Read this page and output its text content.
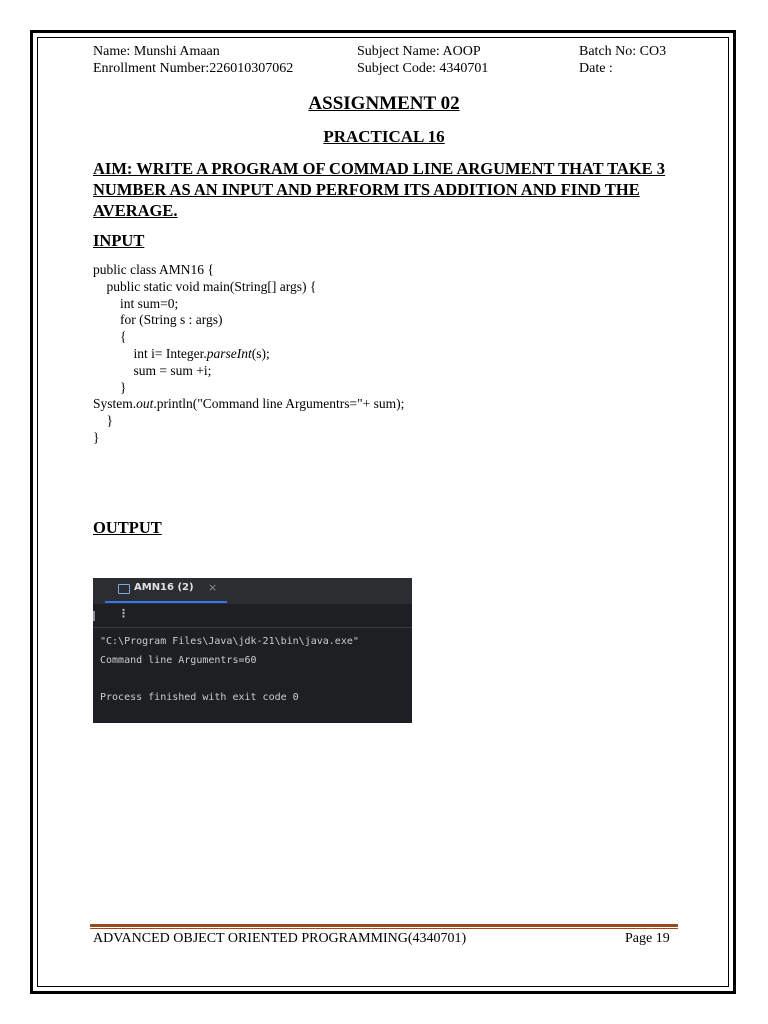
Name: Munshi Amaan
Enrollment Number:226010307062
Subject Name: AOOP
Subject Code: 4340701
Batch No: CO3
Date :
ASSIGNMENT 02
PRACTICAL 16
AIM: WRITE A PROGRAM OF COMMAD LINE ARGUMENT THAT TAKE 3 NUMBER AS AN INPUT AND PERFORM ITS ADDITION AND FIND THE AVERAGE.
INPUT
public class AMN16 {
public static void main(String[] args) {
int sum=0;
for (String s : args)
{
int i= Integer.parseInt(s);
sum = sum +i;
}
System.out.println("Command line Argumentrs="+ sum);
}
}
OUTPUT
AMN16 (2) ×
⋮
"C:\Program Files\Java\jdk-21\bin\java.exe"
Command line Argumentrs=60
Process finished with exit code 0
ADVANCED OBJECT ORIENTED PROGRAMMING(4340701)	Page 19
